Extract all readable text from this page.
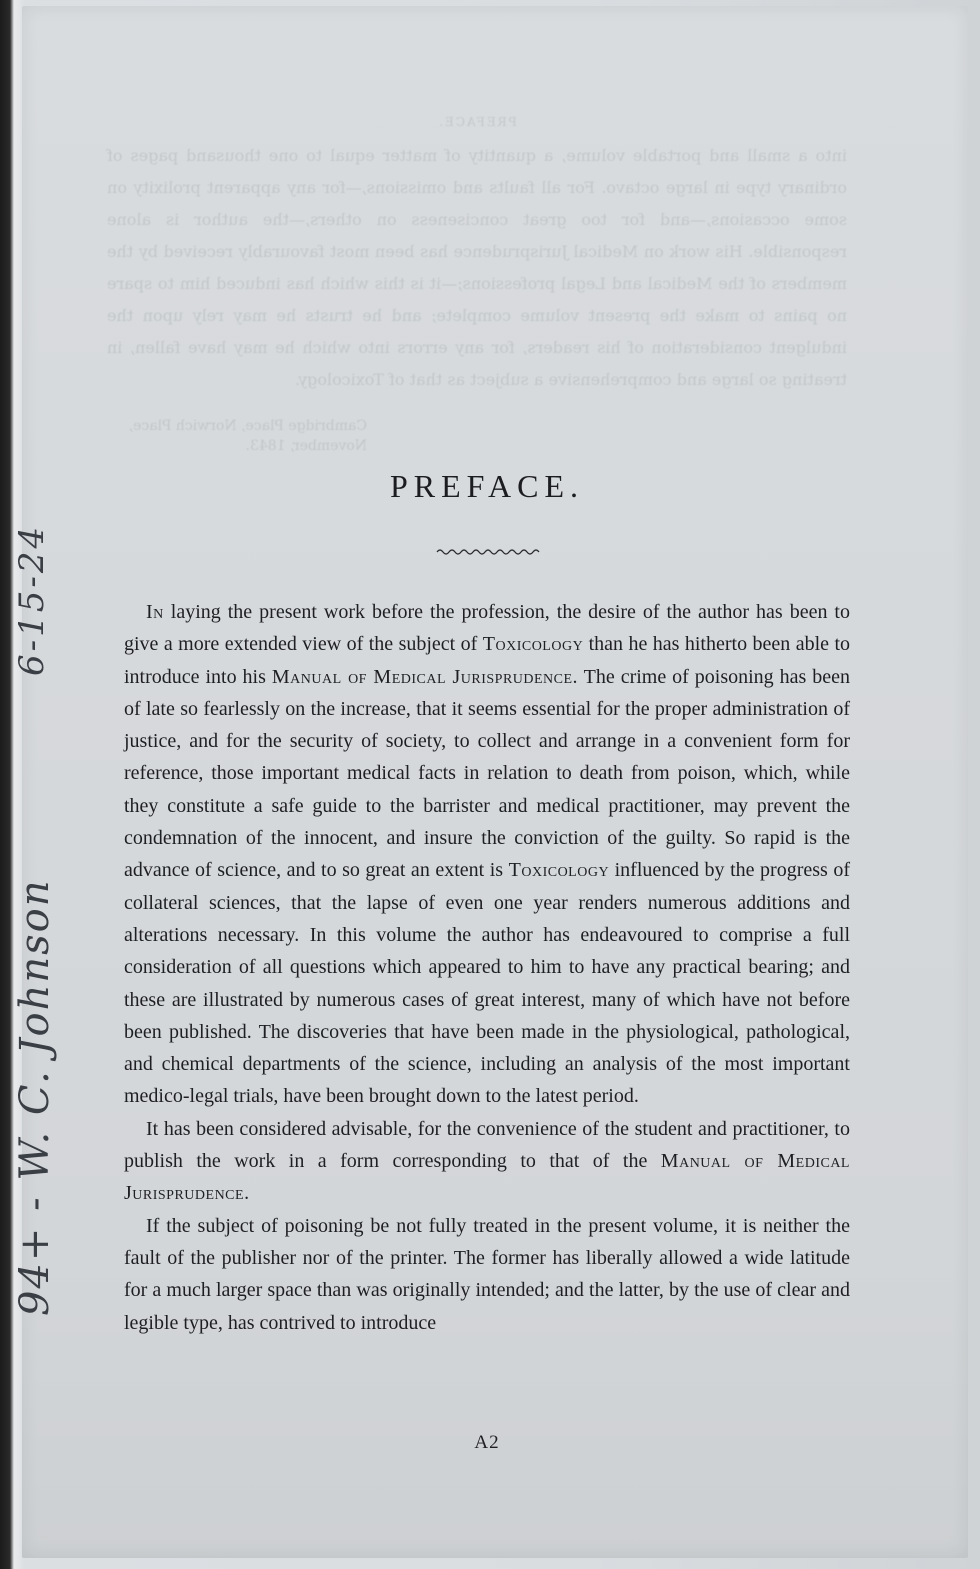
PREFACE.

into a small and portable volume, a quantity of matter equal to one thousand pages of ordinary type in large octavo. For all faults and omissions,—for any apparent prolixity on some occasions,—and for too great conciseness on others,—the author is alone responsible. His work on Medical Jurisprudence has been most favourably received by the members of the Medical and Legal professions;—it is this which has induced him to spare no pains to make the present volume complete; and he trusts he may rely upon the indulgent consideration of his readers, for any errors into which he may have fallen, in treating so large and comprehensive a subject as that of Toxicology.

Cambridge Place, Norwich Place,
November, 1843.
94+ - W. C. Johnson
6-15-24
PREFACE.

In laying the present work before the profession, the desire of the author has been to give a more extended view of the subject of Toxicology than he has hitherto been able to introduce into his Manual of Medical Jurisprudence. The crime of poisoning has been of late so fearlessly on the increase, that it seems essential for the proper administration of justice, and for the security of society, to collect and arrange in a convenient form for reference, those important medical facts in relation to death from poison, which, while they constitute a safe guide to the barrister and medical practitioner, may prevent the condemnation of the innocent, and insure the conviction of the guilty. So rapid is the advance of science, and to so great an extent is Toxicology influenced by the progress of collateral sciences, that the lapse of even one year renders numerous additions and alterations necessary. In this volume the author has endeavoured to comprise a full consideration of all questions which appeared to him to have any practical bearing; and these are illustrated by numerous cases of great interest, many of which have not before been published. The discoveries that have been made in the physiological, pathological, and chemical departments of the science, including an analysis of the most important medico-legal trials, have been brought down to the latest period.

It has been considered advisable, for the convenience of the student and practitioner, to publish the work in a form corresponding to that of the Manual of Medical Jurisprudence.

If the subject of poisoning be not fully treated in the present volume, it is neither the fault of the publisher nor of the printer. The former has liberally allowed a wide latitude for a much larger space than was originally intended; and the latter, by the use of clear and legible type, has contrived to introduce

A2
